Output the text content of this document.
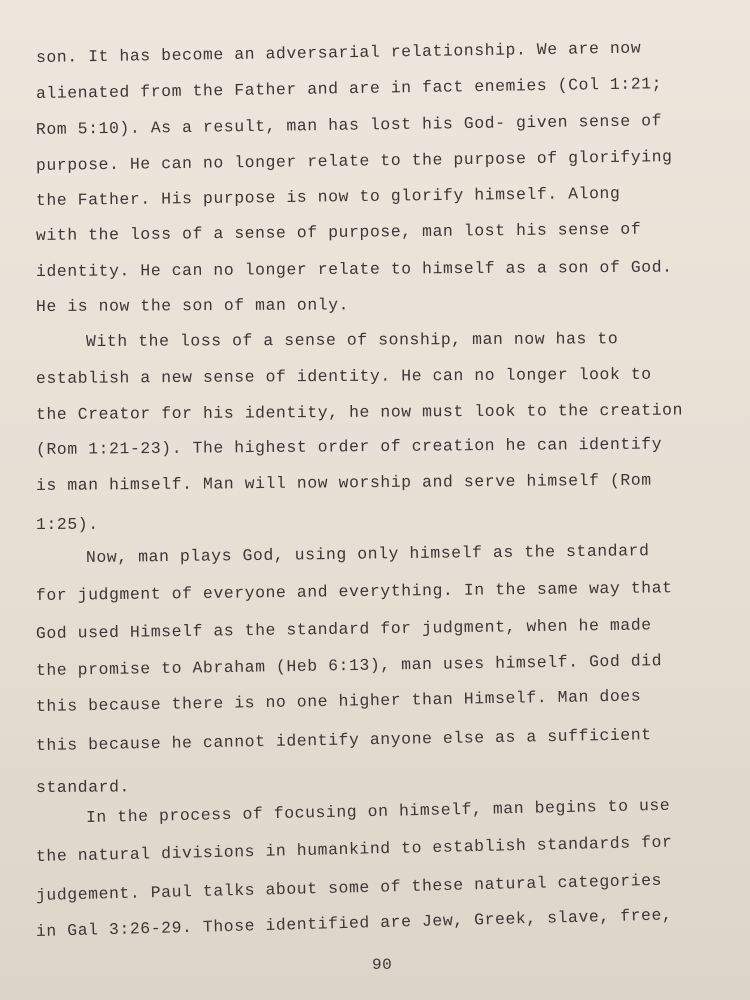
son. It has become an adversarial relationship. We are now
alienated from the Father and are in fact enemies (Col 1:21;
Rom 5:10). As a result, man has lost his God- given sense of
purpose. He can no longer relate to the purpose of glorifying
the Father. His purpose is now to glorify himself. Along
with the loss of a sense of purpose, man lost his sense of
identity. He can no longer relate to himself as a son of God.
He is now the son of man only.
With the loss of a sense of sonship, man now has to
establish a new sense of identity. He can no longer look to
the Creator for his identity, he now must look to the creation
(Rom 1:21-23). The highest order of creation he can identify
is man himself. Man will now worship and serve himself (Rom
1:25).
Now, man plays God, using only himself as the standard
for judgment of everyone and everything. In the same way that
God used Himself as the standard for judgment, when he made
the promise to Abraham (Heb 6:13), man uses himself. God did
this because there is no one higher than Himself. Man does
this because he cannot identify anyone else as a sufficient
standard.
In the process of focusing on himself, man begins to use
the natural divisions in humankind to establish standards for
judgement. Paul talks about some of these natural categories
in Gal 3:26-29. Those identified are Jew, Greek, slave, free,
90
